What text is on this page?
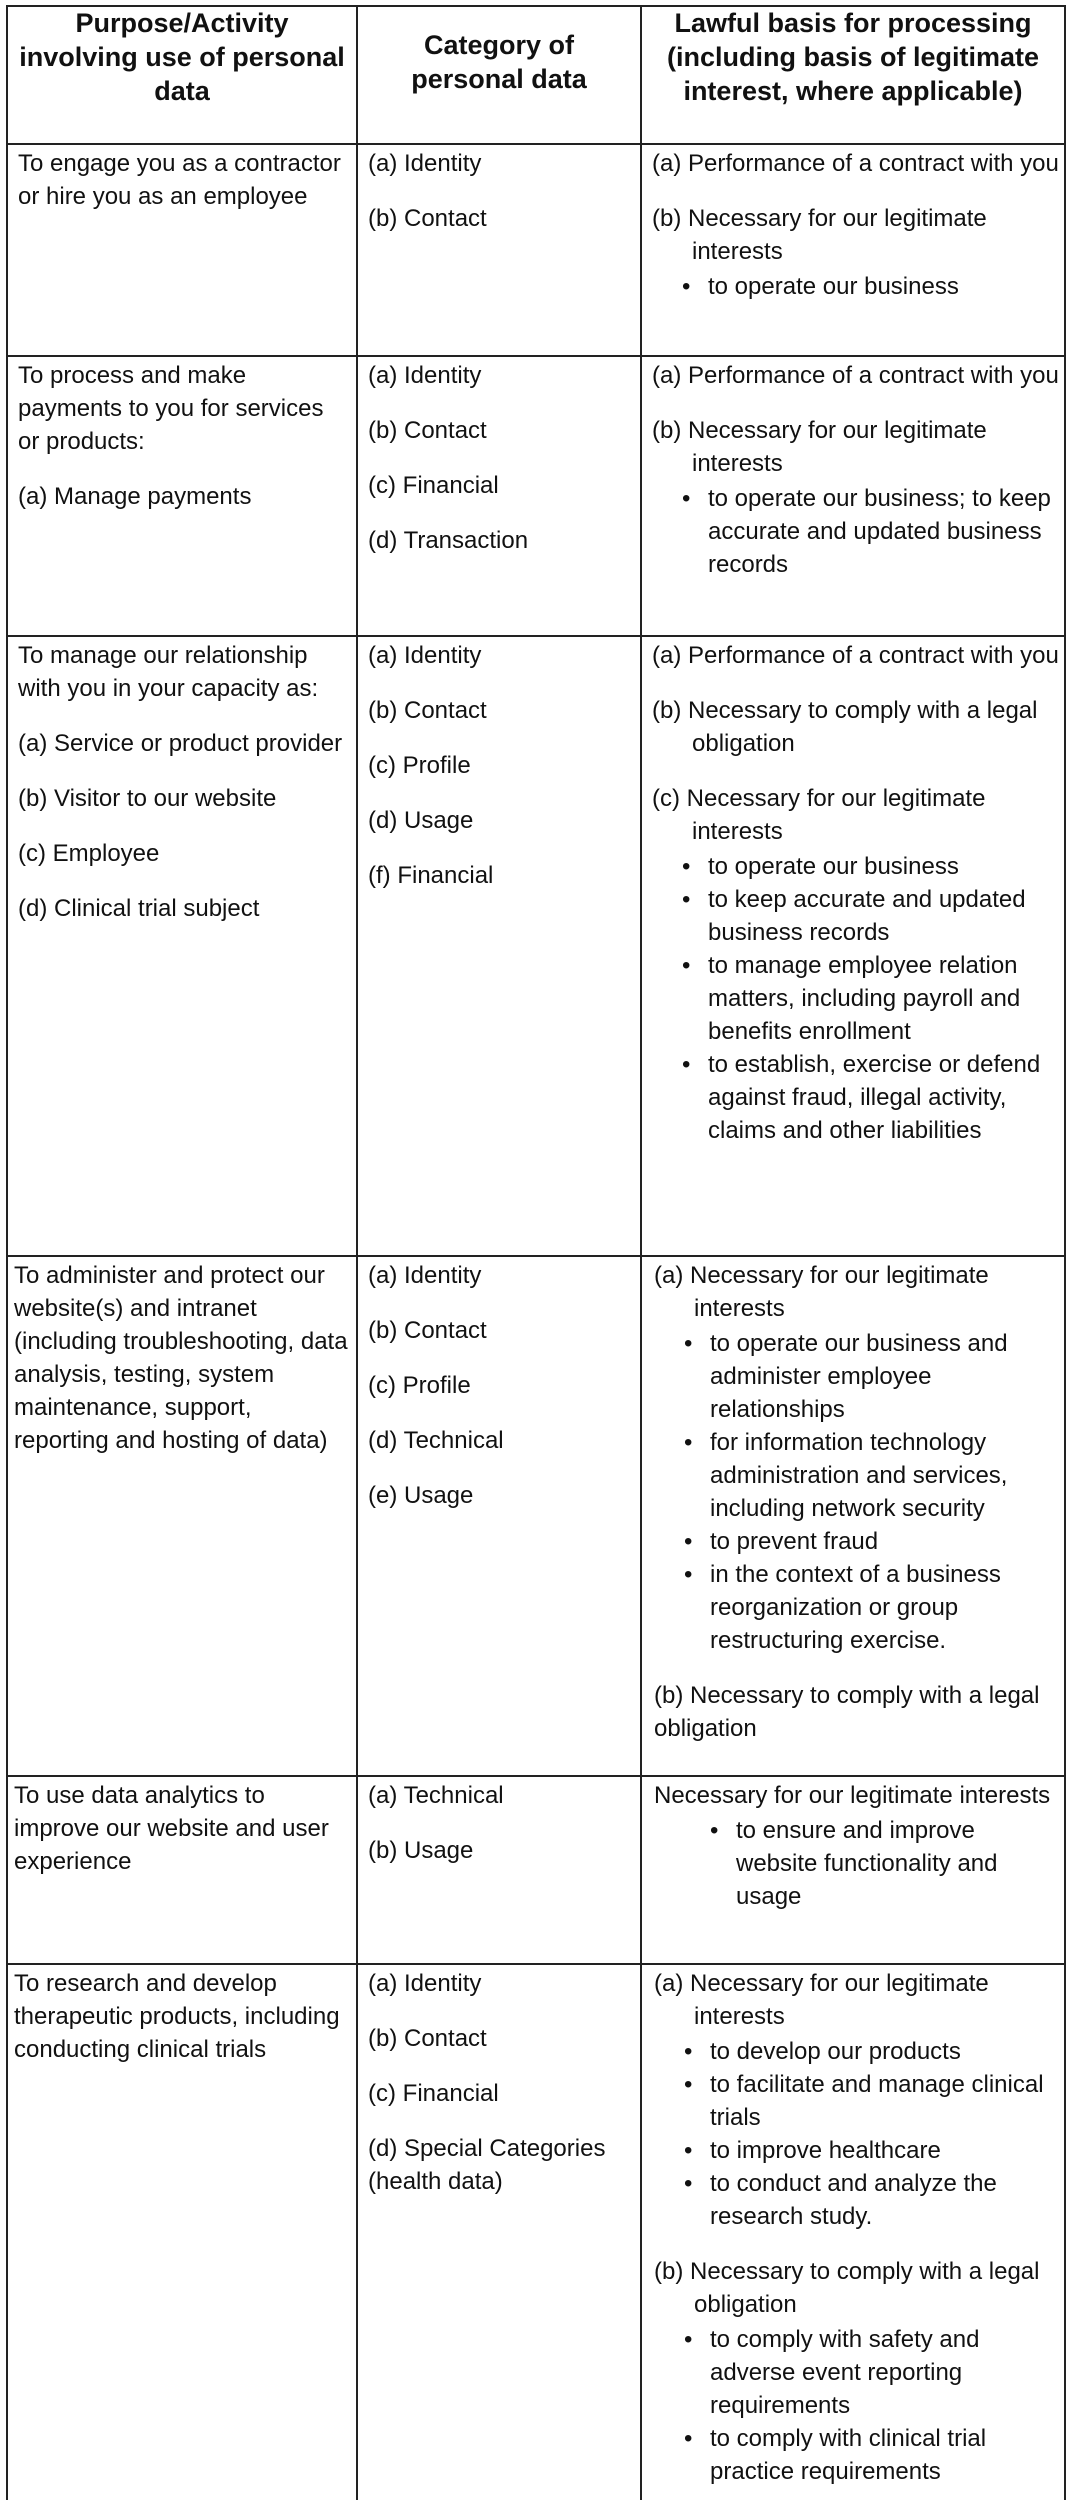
Purpose/Activity involving use of personal data
Category of personal data
Lawful basis for processing (including basis of legitimate interest, where applicable)

To engage you as a contractor or hire you as an employee

(a) Identity

(b) Contact

(a) Performance of a contract with you

(b) Necessary for our legitimate interests

• to operate our business

To process and make payments to you for services or products:

(a) Manage payments

(a) Identity

(b) Contact

(c) Financial

(d) Transaction

(a) Performance of a contract with you

(b) Necessary for our legitimate interests

• to operate our business; to keep accurate and updated business records

To manage our relationship with you in your capacity as:

(a) Service or product provider

(b) Visitor to our website

(c) Employee

(d) Clinical trial subject

(a) Identity

(b) Contact

(c) Profile

(d) Usage

(f) Financial

(a) Performance of a contract with you

(b) Necessary to comply with a legal obligation

(c) Necessary for our legitimate interests

• to operate our business
• to keep accurate and updated business records
• to manage employee relation matters, including payroll and benefits enrollment
• to establish, exercise or defend against fraud, illegal activity, claims and other liabilities

To administer and protect our website(s) and intranet (including troubleshooting, data analysis, testing, system maintenance, support, reporting and hosting of data)

(a) Identity

(b) Contact

(c) Profile

(d) Technical

(e) Usage

(a) Necessary for our legitimate interests

• to operate our business and administer employee relationships
• for information technology administration and services, including network security
• to prevent fraud
• in the context of a business reorganization or group restructuring exercise.

(b) Necessary to comply with a legal obligation

To use data analytics to improve our website and user experience

(a) Technical

(b) Usage

Necessary for our legitimate interests

• to ensure and improve website functionality and usage

To research and develop therapeutic products, including conducting clinical trials

(a) Identity

(b) Contact

(c) Financial

(d) Special Categories (health data)

(a) Necessary for our legitimate interests

• to develop our products
• to facilitate and manage clinical trials
• to improve healthcare
• to conduct and analyze the research study.

(b) Necessary to comply with a legal obligation

• to comply with safety and adverse event reporting requirements
• to comply with clinical trial practice requirements
